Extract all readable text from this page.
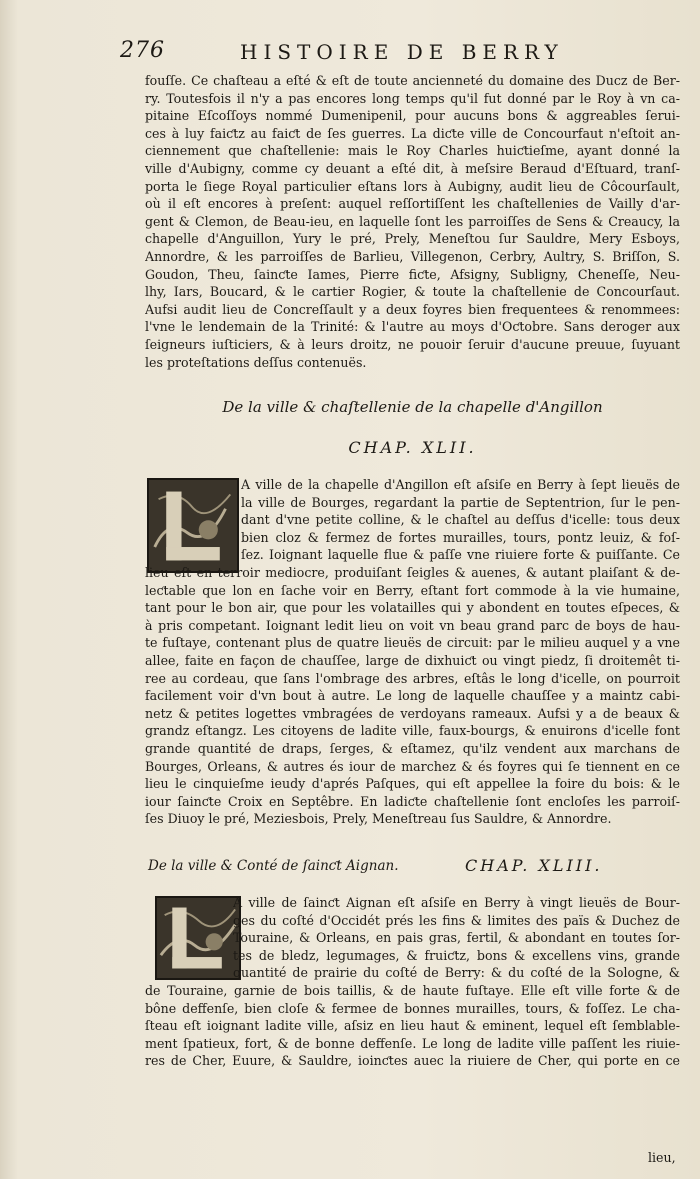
276	HISTOIRE DE BERRY
fouſſe. Ce chaſteau a eſté & eſt de toute ancienneté du domaine des Ducz de Ber-
ry. Toutesfois il n'y a pas encores long temps qu'il fut donné par le Roy à vn ca-
pitaine Eſcoſſoys nommé Dumenipenil, pour aucuns bons & aggreables ſerui-
ces à luy faiƈtz au faiƈt de ſes guerres. La diƈte ville de Concourfaut n'eſtoit an-
ciennement que chaſtellenie: mais le Roy Charles huiƈtieſme, ayant donné la
ville d'Aubigny, comme cy deuant a eſté dit, à meſsire Beraud d'Eſtuard, tranſ-
porta le ſiege Royal particulier eſtans lors à Aubigny, audit lieu de Côcourſault,
où il eſt encores à preſent: auquel reſſortiſſent les chaſtellenies de Vailly d'ar-
gent & Clemon, de Beau-ieu, en laquelle ſont les parroiſſes de Sens & Creaucy, la
chapelle d'Anguillon, Yury le pré, Prely, Meneſtou ſur Sauldre, Mery Esboys,
Annordre, & les parroiſſes de Barlieu, Villegenon, Cerbry, Aultry, S. Briſſon, S.
Goudon, Theu, ſainƈte Iames, Pierre fiƈte, Afsigny, Subligny, Cheneſſe, Neu-
lhy, Iars, Boucard, & le cartier Rogier, & toute la chaſtellenie de Concourſaut.
Aufsi audit lieu de Concreſſault y a deux foyres bien frequentees & renommees:
l'vne le lendemain de la Trinité: & l'autre au moys d'Oƈtobre. Sans deroger aux
ſeigneurs iuſticiers, & à leurs droitz, ne pouoir ſeruir d'aucune preuue, ſuyuant
les proteſtations deſſus contenuës.
De la ville & chaſtellenie de la chapelle d'Angillon
CHAP. XLII.
A ville de la chapelle d'Angillon eſt aſsiſe en Berry à ſept lieuës de
la ville de Bourges, regardant la partie de Septentrion, ſur le pen-
dant d'vne petite colline, & le chaſtel au deſſus d'icelle: tous deux
bien cloz & fermez de fortes murailles, tours, pontz leuiz, & foſ-
ſez. Ioignant laquelle flue & paſſe vne riuiere forte & puiſſante. Ce
lieu eſt en terroir mediocre, produiſant ſeigles & auenes, & autant plaiſant & de-
leƈtable que lon en ſache voir en Berry, eſtant fort commode à la vie humaine,
tant pour le bon air, que pour les volatailles qui y abondent en toutes eſpeces, &
à pris competant. Ioignant ledit lieu on voit vn beau grand parc de boys de hau-
te fuſtaye, contenant plus de quatre lieuës de circuit: par le milieu auquel y a vne
allee, faite en façon de chauſſee, large de dixhuiƈt ou vingt piedz, ſi droitemêt ti-
ree au cordeau, que ſans l'ombrage des arbres, eſtâs le long d'icelle, on pourroit
facilement voir d'vn bout à autre. Le long de laquelle chauſſee y a maintz cabi-
netz & petites logettes vmbragées de verdoyans rameaux. Aufsi y a de beaux &
grandz eſtangz. Les citoyens de ladite ville, faux-bourgs, & enuirons d'icelle font
grande quantité de draps, ſerges, & eſtamez, qu'ilz vendent aux marchans de
Bourges, Orleans, & autres és iour de marchez & és foyres qui ſe tiennent en ce
lieu le cinquieſme ieudy d'aprés Paſques, qui eſt appellee la foire du bois: & le
iour ſainƈte Croix en Septêbre. En ladiƈte chaſtellenie ſont encloſes les parroiſ-
ſes Diuoy le pré, Meziesbois, Prely, Meneſtreau ſus Sauldre, & Annordre.
De la ville & Conté de ſainƈt Aignan.	CHAP. XLIII.
A ville de ſainƈt Aignan eſt aſsiſe en Berry à vingt lieuës de Bour-
ges du coſté d'Occidét prés les fins & limites des païs & Duchez de
Touraine, & Orleans, en pais gras, fertil, & abondant en toutes ſor-
tes de bledz, legumages, & fruiƈtz, bons & excellens vins, grande
quantité de prairie du coſté de Berry: & du coſté de la Sologne, &
de Touraine, garnie de bois taillis, & de haute fuſtaye. Elle eſt ville forte & de
bône deffenſe, bien cloſe & fermee de bonnes murailles, tours, & foſſez. Le cha-
ſteau eſt ioignant ladite ville, aſsiz en lieu haut & eminent, lequel eſt ſemblable-
ment ſpatieux, fort, & de bonne deffenſe. Le long de ladite ville paſſent les riuie-
res de Cher, Euure, & Sauldre, ioinƈtes auec la riuiere de Cher, qui porte en ce
lieu,
